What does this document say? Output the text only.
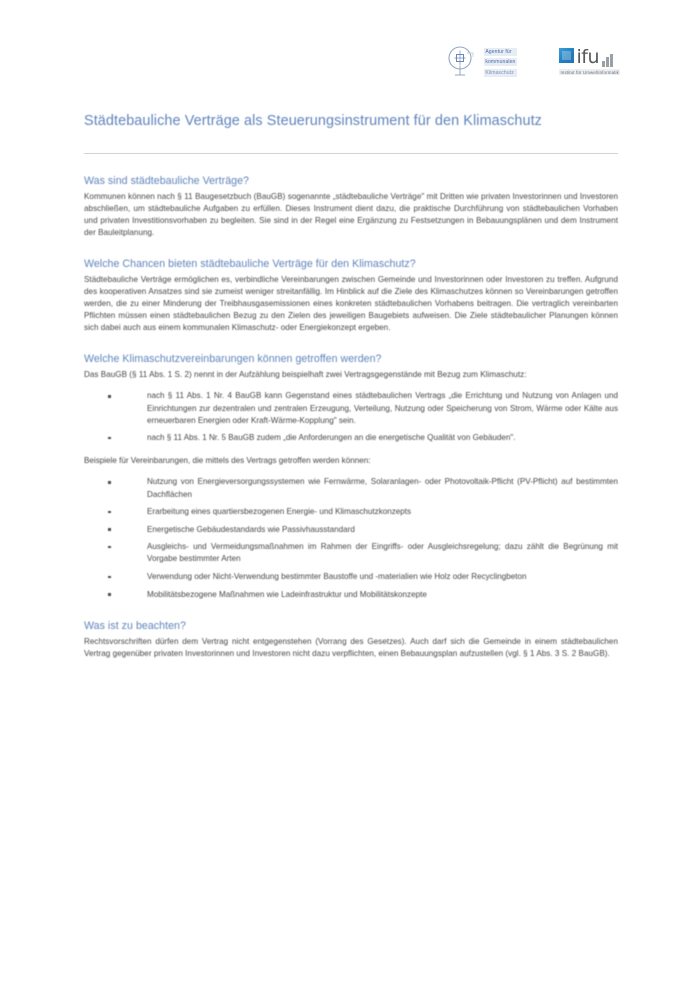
Agentur für
kommunalen
Klimaschutz
ifu
Institut für Umweltinformatik
Städtebauliche Verträge als Steuerungsinstrument für den Klimaschutz
Was sind städtebauliche Verträge?

Kommunen können nach § 11 Baugesetzbuch (BauGB) sogenannte „städtebauliche Verträge" mit Dritten wie privaten Investorinnen und Investoren abschließen, um städtebauliche Aufgaben zu erfüllen. Dieses Instrument dient dazu, die praktische Durchführung von städtebaulichen Vorhaben und privaten Investitionsvorhaben zu begleiten. Sie sind in der Regel eine Ergänzung zu Festsetzungen in Bebauungsplänen und dem Instrument der Bauleitplanung.

Welche Chancen bieten städtebauliche Verträge für den Klimaschutz?

Städtebauliche Verträge ermöglichen es, verbindliche Vereinbarungen zwischen Gemeinde und Investorinnen oder Investoren zu treffen. Aufgrund des kooperativen Ansatzes sind sie zumeist weniger streitanfällig. Im Hinblick auf die Ziele des Klimaschutzes können so Vereinbarungen getroffen werden, die zu einer Minderung der Treibhausgasemissionen eines konkreten städtebaulichen Vorhabens beitragen. Die vertraglich vereinbarten Pflichten müssen einen städtebaulichen Bezug zu den Zielen des jeweiligen Baugebiets aufweisen. Die Ziele städtebaulicher Planungen können sich dabei auch aus einem kommunalen Klimaschutz- oder Energiekonzept ergeben.

Welche Klimaschutzvereinbarungen können getroffen werden?

Das BauGB (§ 11 Abs. 1 S. 2) nennt in der Aufzählung beispielhaft zwei Vertragsgegenstände mit Bezug zum Klimaschutz:

nach § 11 Abs. 1 Nr. 4 BauGB kann Gegenstand eines städtebaulichen Vertrags „die Errichtung und Nutzung von Anlagen und Einrichtungen zur dezentralen und zentralen Erzeugung, Verteilung, Nutzung oder Speicherung von Strom, Wärme oder Kälte aus erneuerbaren Energien oder Kraft-Wärme-Kopplung" sein.
nach § 11 Abs. 1 Nr. 5 BauGB zudem „die Anforderungen an die energetische Qualität von Gebäuden".

Beispiele für Vereinbarungen, die mittels des Vertrags getroffen werden können:

Nutzung von Energieversorgungssystemen wie Fernwärme, Solaranlagen- oder Photovoltaik-Pflicht (PV-Pflicht) auf bestimmten Dachflächen
Erarbeitung eines quartiersbezogenen Energie- und Klimaschutzkonzepts
Energetische Gebäudestandards wie Passivhausstandard
Ausgleichs- und Vermeidungsmaßnahmen im Rahmen der Eingriffs- oder Ausgleichsregelung; dazu zählt die Begrünung mit Vorgabe bestimmter Arten
Verwendung oder Nicht-Verwendung bestimmter Baustoffe und -materialien wie Holz oder Recyclingbeton
Mobilitätsbezogene Maßnahmen wie Ladeinfrastruktur und Mobilitätskonzepte
Was ist zu beachten?

Rechtsvorschriften dürfen dem Vertrag nicht entgegenstehen (Vorrang des Gesetzes). Auch darf sich die Gemeinde in einem städtebaulichen Vertrag gegenüber privaten Investorinnen und Investoren nicht dazu verpflichten, einen Bebauungsplan aufzustellen (vgl. § 1 Abs. 3 S. 2 BauGB).
